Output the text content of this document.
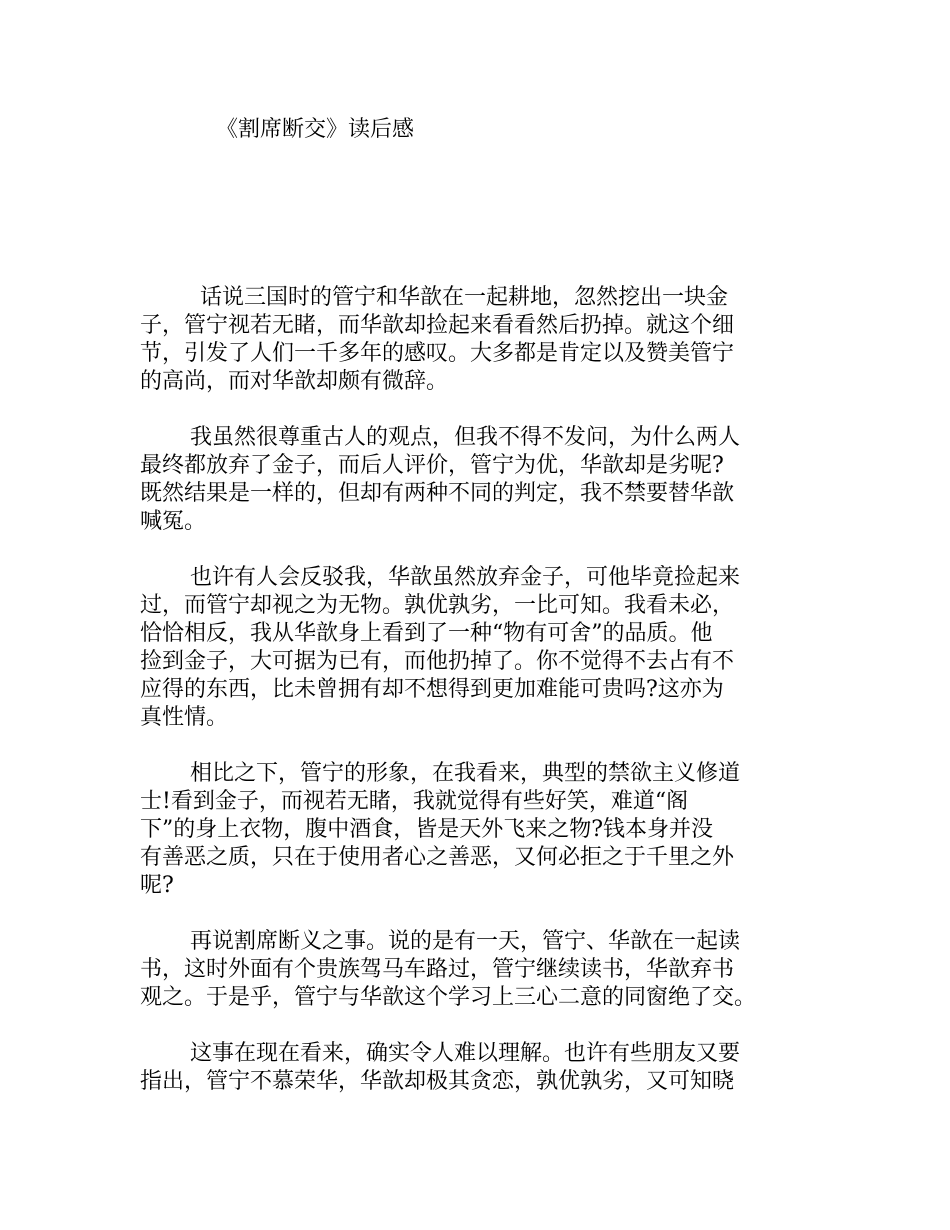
《割席断交》读后感

话说三国时的管宁和华歆在一起耕地，忽然挖出一块金
子，管宁视若无睹，而华歆却捡起来看看然后扔掉。就这个细
节，引发了人们一千多年的感叹。大多都是肯定以及赞美管宁
的高尚，而对华歆却颇有微辞。

我虽然很尊重古人的观点，但我不得不发问，为什么两人
最终都放弃了金子，而后人评价，管宁为优，华歆却是劣呢?
既然结果是一样的，但却有两种不同的判定，我不禁要替华歆
喊冤。

也许有人会反驳我，华歆虽然放弃金子，可他毕竟捡起来
过，而管宁却视之为无物。孰优孰劣，一比可知。我看未必，
恰恰相反，我从华歆身上看到了一种“物有可舍”的品质。他
捡到金子，大可据为已有，而他扔掉了。你不觉得不去占有不
应得的东西，比未曾拥有却不想得到更加难能可贵吗?这亦为
真性情。

相比之下，管宁的形象，在我看来，典型的禁欲主义修道
士!看到金子，而视若无睹，我就觉得有些好笑，难道“阁
下”的身上衣物，腹中酒食，皆是天外飞来之物?钱本身并没
有善恶之质，只在于使用者心之善恶，又何必拒之于千里之外
呢?

再说割席断义之事。说的是有一天，管宁、华歆在一起读
书，这时外面有个贵族驾马车路过，管宁继续读书，华歆弃书
观之。于是乎，管宁与华歆这个学习上三心二意的同窗绝了交。

这事在现在看来，确实令人难以理解。也许有些朋友又要
指出，管宁不慕荣华，华歆却极其贪恋，孰优孰劣，又可知晓
